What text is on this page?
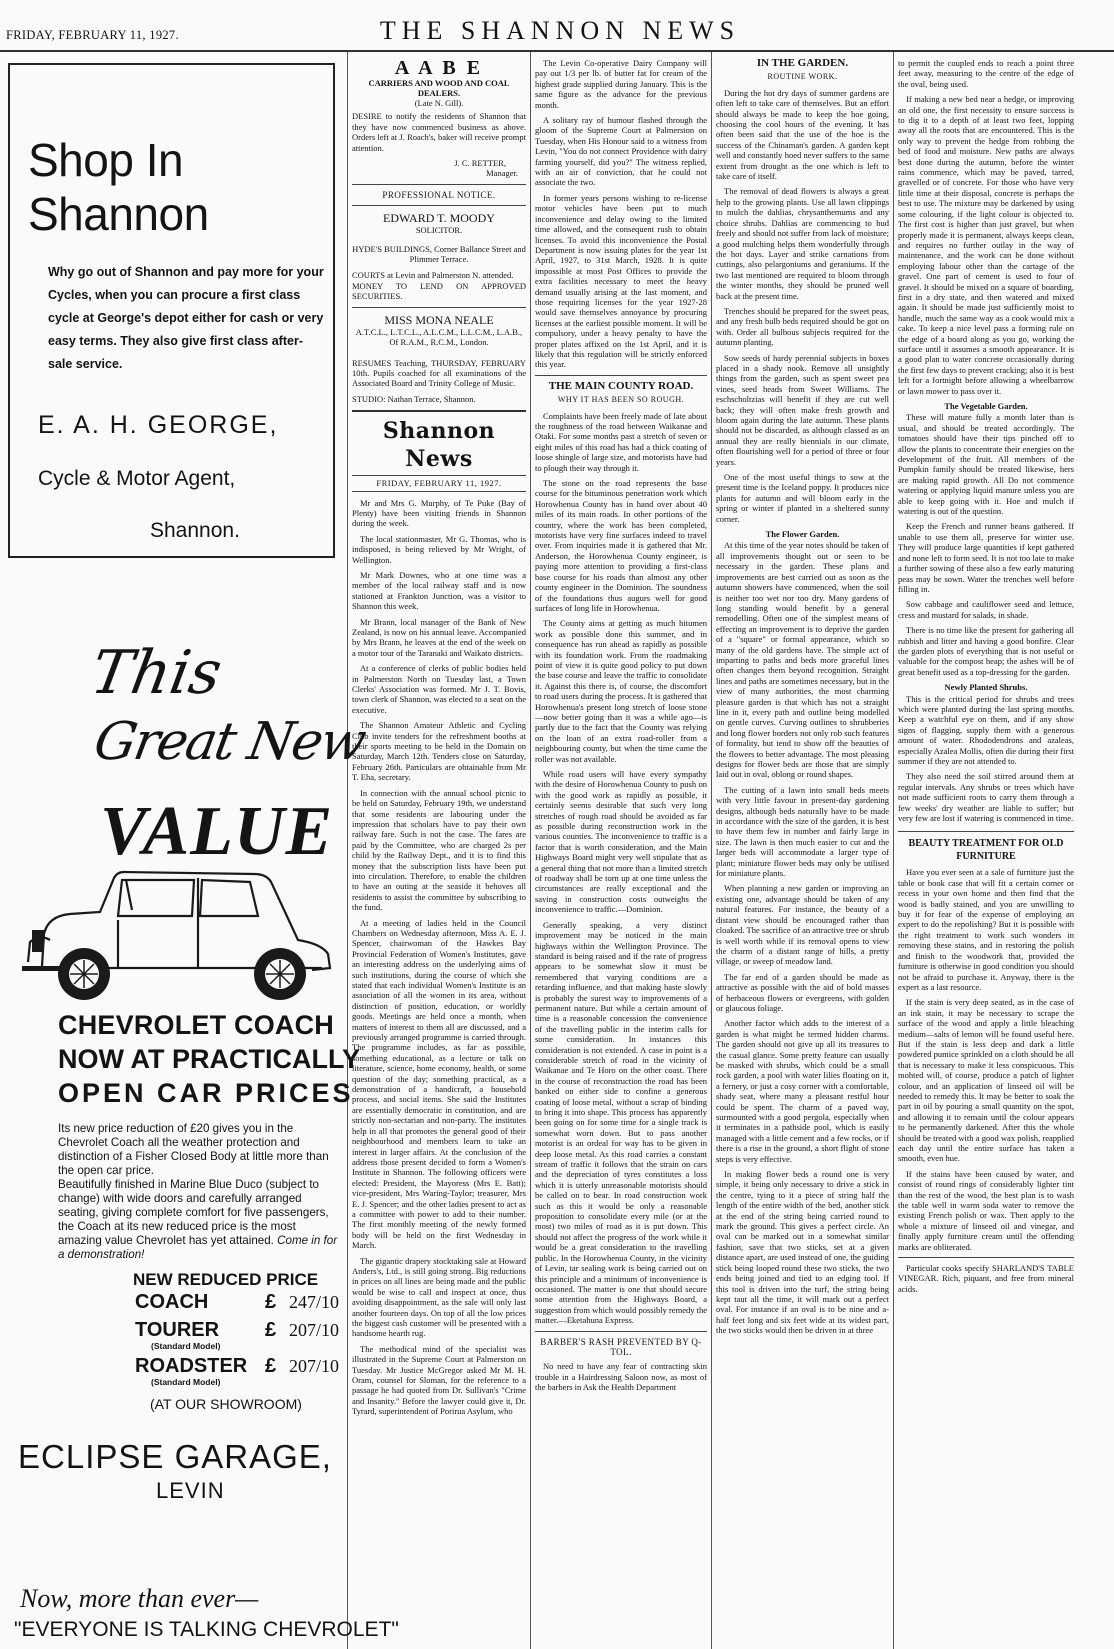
FRIDAY, FEBRUARY 11, 1927.	THE SHANNON NEWS
Shop In Shannon
Why go out of Shannon and pay more for your Cycles, when you can procure a first class cycle at George's depot either for cash or very easy terms. They also give first class after-sale service.
E. A. H. GEORGE,
Cycle & Motor Agent,
Shannon.
This
Great New
VALUE
CHEVROLET COACH
NOW AT PRACTICALLY
OPEN CAR PRICES
Its new price reduction of £20 gives you in the Chevrolet Coach all the weather protection and distinction of a Fisher Closed Body at little more than the open car price.
Beautifully finished in Marine Blue Duco (subject to change) with wide doors and carefully arranged seating, giving complete comfort for five passengers, the Coach at its new reduced price is the most amazing value Chevrolet has yet attained. Come in for a demonstration!
NEW REDUCED PRICE
COACH	£ 247/10
TOURER £ 207/10
(Standard Model)
ROADSTER £ 207/10
(Standard Model)
(AT OUR SHOWROOM)
ECLIPSE GARAGE,
LEVIN
Now, more than ever—
"EVERYONE IS TALKING CHEVROLET"
A A B E
CARRIERS AND WOOD AND COAL DEALERS.
(Late N. Gill).

DESIRE to notify the residents of Shannon that they have now commenced business as above. Orders left at J. Roach's, baker will receive prompt attention.

J. C. RETTER,
Manager.
PROFESSIONAL NOTICE.
EDWARD T. MOODY
SOLICITOR.
HYDE'S BUILDINGS, Corner Ballance Street and Plimmer Terrace.
COURTS at Levin and Palmerston N. attended.
MONEY TO LEND ON APPROVED SECURITIES.
MISS MONA NEALE
A.T.C.L., L.T.C.L., A.L.C.M., L.L.C.M., L.A.B.,
Of R.A.M., R.C.M., London.

RESUMES Teaching, THURSDAY, FEBRUARY 10th. Pupils coached for all examinations of the Associated Board and Trinity College of Music.

STUDIO: Nathan Terrace, Shannon.
Shannon News
FRIDAY, FEBRUARY 11, 1927.

Mr and Mrs G. Murphy, of Te Puke (Bay of Plenty) have been visiting friends in Shannon during the week.

The local stationmaster, Mr G. Thomas, who is indisposed, is being relieved by Mr Wright, of Wellington.

Mr Mark Downes, who at one time was a member of the local railway staff and is now stationed at Frankton Junction, was a visitor to Shannon this week.

Mr Brann, local manager of the Bank of New Zealand, is now on his annual leave. Accompanied by Mrs Brann, he leaves at the end of the week on a motor tour of the Taranaki and Waikato districts.

At a conference of clerks of public bodies held in Palmerston North on Tuesday last, a Town Clerks' Association was formed. Mr J. T. Bovis, town clerk of Shannon, was elected to a seat on the executive.

The Shannon Amateur Athletic and Cycling Club invite tenders for the refreshment booths at their sports meeting to be held in the Domain on Saturday, March 12th. Tenders close on Saturday, February 26th. Particulars are obtainable from Mr T. Eha, secretary.

In connection with the annual school picnic to be held on Saturday, February 19th, we understand that some residents are labouring under the impression that scholars have to pay their own railway fare. Such is not the case. The fares are paid by the Committee, who are charged 2s per child by the Railway Dept., and it is to find this money that the subscription lists have been put into circulation. Therefore, to enable the children to have an outing at the seaside it behoves all residents to assist the committee by subscribing to the fund.

At a meeting of ladies held in the Council Chambers on Wednesday afternoon, Miss A. E. J. Spencer, chairwoman of the Hawkes Bay Provincial Federation of Women's Institutes, gave an interesting address on the underlying aims of such institutions, during the course of which she stated that each individual Women's Institute is an association of all the women in its area, without distinction of position, education, or worldly goods. Meetings are held once a month, when matters of interest to them all are discussed, and a previously arranged programme is carried through. The programme includes, as far as possible, something educational, as a lecture or talk on literature, science, home economy, health, or some question of the day; something practical, as a demonstration of a handicraft, a household process, and social items. She said the Institutes are essentially democratic in constitution, and are strictly non-sectarian and non-party. The institutes help in all that promotes the general good of their neighbourhood and members learn to take an interest in larger affairs. At the conclusion of the address those present decided to form a Women's Institute in Shannon. The following officers were elected: President, the Mayoress (Mrs E. Batt); vice-president, Mrs Waring-Taylor; treasurer, Mrs E. J. Spencer; and the other ladies present to act as a committee with power to add to their number. The first monthly meeting of the newly formed body will be held on the first Wednesday in March.

The gigantic drapery stocktaking sale at Howard Anders's, Ltd., is still going strong. Big reductions in prices on all lines are being made and the public would be wise to call and inspect at once, thus avoiding disappointment, as the sale will only last another fourteen days. On top of all the low prices the biggest cash customer will be presented with a handsome hearth rug.

The methodical mind of the specialist was illustrated in the Supreme Court at Palmerston on Tuesday. Mr Justice McGregor asked Mr M. H. Oram, counsel for Sloman, for the reference to a passage he had quoted from Dr. Sullivan's "Crime and Insanity." Before the lawyer could give it, Dr. Tyrard, superintendent of Porirua Asylum, who

The Levin Co-operative Dairy Company will pay out 1/3 per lb. of butter fat for cream of the highest grade supplied during January. This is the same figure as the advance for the previous month.

A solitary ray of humour flashed through the gloom of the Supreme Court at Palmerston on Tuesday, when His Honour said to a witness from Levin, "You do not connect Providence with dairy farming yourself, did you?" The witness replied, with an air of conviction, that he could not associate the two.

In former years persons wishing to re-license motor vehicles have been put to much inconvenience and delay owing to the limited time allowed, and the consequent rush to obtain licenses. To avoid this inconvenience the Postal Department is now issuing plates for the year 1st April, 1927, to 31st March, 1928. It is quite impossible at most Post Offices to provide the extra facilities necessary to meet the heavy demand usually arising at the last moment, and those requiring licenses for the year 1927-28 would save themselves annoyance by procuring licenses at the earliest possible moment. It will be compulsory, under a heavy penalty to have the proper plates affixed on the 1st April, and it is likely that this regulation will be strictly enforced this year.

THE MAIN COUNTY ROAD.
WHY IT HAS BEEN SO ROUGH.

Complaints have been freely made of late about the roughness of the road between Waikanae and Otaki. For some months past a stretch of seven or eight miles of this road has had a thick coating of loose shingle of large size, and motorists have had to plough their way through it.

The stone on the road represents the base course for the bituminous penetration work which Horowhenua County has in hand over about 40 miles of its main roads. In other portions of the country, where the work has been completed, motorists have very fine surfaces indeed to travel over. From inquiries made it is gathered that Mr. Anderson, the Horowhenua County engineer, is paying more attention to providing a first-class base course for his roads than almost any other county engineer in the Dominion. The soundness of the foundations thus augurs well for good surfaces of long life in Horowhenua.

The County aims at getting as much bitumen work as possible done this summer, and in consequence has run ahead as rapidly as possible with its foundation work. From the roadmaking point of view it is quite good policy to put down the base course and leave the traffic to consolidate it. Against this there is, of course, the discomfort to road users during the process. It is gathered that Horowhenua's present long stretch of loose stone—now better going than it was a while ago—is partly due to the fact that the County was relying on the loan of an extra road-roller from a neighbouring county, but when the time came the roller was not available.

While road users will have every sympathy with the desire of Horowhenua County to push on with the good work as rapidly as possible, it certainly seems desirable that such very long stretches of rough road should be avoided as far as possible during reconstruction work in the various counties. The inconvenience to traffic is a factor that is worth consideration, and the Main Highways Board might very well stipulate that as a general thing that not more than a limited stretch of roadway shall be torn up at one time unless the circumstances are really exceptional and the saving in construction costs outweighs the inconvenience to traffic.—Dominion.

Generally speaking, a very distinct improvement may be noticed in the main highways within the Wellington Province. The standard is being raised and if the rate of progress appears to be somewhat slow it must be remembered that varying conditions are a retarding influence, and that making haste slowly is probably the surest way to improvements of a permanent nature. But while a certain amount of time is a reasonable concession the convenience of the travelling public in the interim calls for some consideration. In instances this consideration is not extended. A case in point is a considerable stretch of road in the vicinity of Waikanae and Te Horo on the other coast. There in the course of reconstruction the road has been banked on either side to confine a generous coating of loose metal, without a scrap of binding to bring it into shape. This process has apparently been going on for some time for a single track is somewhat worn down. But to pass another motorist is an ordeal for way has to be given in deep loose metal. As this road carries a constant stream of traffic it follows that the strain on cars and the depreciation of tyres constitutes a loss which it is utterly unreasonable motorists should be called on to bear. In road construction work such as this it would be only a reasonable proposition to consolidate every mile (or at the most) two miles of road as it is put down. This should not affect the progress of the work while it would be a great consideration to the travelling public. In the Horowhenua County, in the vicinity of Levin, tar sealing work is being carried out on this principle and a minimum of inconvenience is occasioned. The matter is one that should secure some attention from the Highways Board, a suggestion from which would possibly remedy the matter.—Eketahuna Express.

BARBER'S RASH PREVENTED BY Q-TOL.

No need to have any fear of contracting skin trouble in a Hairdressing Saloon now, as most of the barbers in Ask the Health Department

IN THE GARDEN.
ROUTINE WORK.

During the hot dry days of summer gardens are often left to take care of themselves. But an effort should always be made to keep the hoe going, choosing the cool hours of the evening. It has often been said that the use of the hoe is the success of the Chinaman's garden. A garden kept well and constantly hoed never suffers to the same extent from drought as the one which is left to take care of itself.

The removal of dead flowers is always a great help to the growing plants. Use all lawn clippings to mulch the dahlias, chrysanthemums and any choice shrubs. Dahlias are commencing to bud freely and should not suffer from lack of moisture; a good mulching helps them wonderfully through the hot days. Layer and strike carnations from cuttings, also pelargoniums and geraniums. If the two last mentioned are required to bloom through the winter months, they should be pruned well back at the present time.

Trenches should be prepared for the sweet peas, and any fresh bulb beds required should be got on with. Order all bulbous subjects required for the autumn planting.

Sow seeds of hardy perennial subjects in boxes placed in a shady nook. Remove all unsightly things from the garden, such as spent sweet pea vines, seed heads from Sweet Williams. The eschscholtzias will benefit if they are cut well back; they will often make fresh growth and bloom again during the late autumn. These plants should not be discarded, as although classed as an annual they are really biennials in our climate, often flourishing well for a period of three or four years.

One of the most useful things to sow at the present time is the Iceland poppy. It produces nice plants for autumn and will bloom early in the spring or winter if planted in a sheltered sunny corner.

The Flower Garden.

At this time of the year notes should be taken of all improvements thought out or seen to be necessary in the garden. These plans and improvements are best carried out as soon as the autumn showers have commenced, when the soil is neither too wet nor too dry. Many gardens of long standing would benefit by a general remodelling. Often one of the simplest means of effecting an improvement is to deprive the garden of a "square" or formal appearance, which so many of the old gardens have. The simple act of imparting to paths and beds more graceful lines often changes them beyond recognition. Straight lines and paths are sometimes necessary, but in the view of many authorities, the most charming pleasure garden is that which has not a straight line in it, every path and outline being modelled on gentle curves. Curving outlines to shrubberies and long flower borders not only rob such features of formality, but tend to show off the beauties of the flowers to better advantage. The most pleasing designs for flower beds are those that are simply laid out in oval, oblong or round shapes.

The cutting of a lawn into small beds meets with very little favour in present-day gardening designs, although beds naturally have to be made in accordance with the size of the garden, it is best to have them few in number and fairly large in size. The lawn is then much easier to cut and the larger beds will accommodate a larger type of plant; miniature flower beds may only be utilised for miniature plants.

When planning a new garden or improving an existing one, advantage should be taken of any natural features. For instance, the beauty of a distant view should be encouraged rather than cloaked. The sacrifice of an attractive tree or shrub is well worth while if its removal opens to view the charm of a distant range of hills, a pretty village, or sweep of meadow land.

The far end of a garden should be made as attractive as possible with the aid of bold masses of herbaceous flowers or evergreens, with golden or glaucous foliage.

Another factor which adds to the interest of a garden is what might be termed hidden charms. The garden should not give up all its treasures to the casual glance. Some pretty feature can usually be masked with shrubs, which could be a small rock garden, a pool with water lilies floating on it, a fernery, or just a cosy corner with a comfortable, shady seat, where many a pleasant restful hour could be spent. The charm of a paved way, surmounted with a good pergola, especially when it terminates in a pathside pool, which is easily managed with a little cement and a few rocks, or if there is a rise in the ground, a short flight of stone steps is very effective.

In making flower beds a round one is very simple, it being only necessary to drive a stick in the centre, tying to it a piece of string half the length of the entire width of the bed, another stick at the end of the string being carried round to mark the ground. This gives a perfect circle. An oval can be marked out in a somewhat similar fashion, save that two sticks, set at a given distance apart, are used instead of one, the guiding stick being looped round these two sticks, the two ends being joined and tied to an edging tool. If this tool is driven into the turf, the string being kept taut all the time, it will mark out a perfect oval. For instance if an oval is to be nine and a-half feet long and six feet wide at its widest part, the two sticks would then be driven in at three

to permit the coupled ends to reach a point three feet away, measuring to the centre of the edge of the oval, being used.

If making a new bed near a hedge, or improving an old one, the first necessity to ensure success is to dig it to a depth of at least two feet, lopping away all the roots that are encountered. This is the only way to prevent the hedge from robbing the bed of food and moisture. New paths are always best done during the autumn, before the winter rains commence, which may be paved, tarred, gravelled or of concrete. For those who have very little time at their disposal, concrete is perhaps the best to use. The mixture may be darkened by using some colouring, if the light colour is objected to. The first cost is higher than just gravel, but when properly made it is permanent, always keeps clean, and requires no further outlay in the way of maintenance, and the work can be done without employing labour other than the cartage of the gravel. One part of cement is used to four of gravel. It should be mixed on a square of boarding, first in a dry state, and then watered and mixed again. It should be made just sufficiently moist to handle, much the same way as a cook would mix a cake. To keep a nice level pass a forming rule on the edge of a board along as you go, working the surface until it assumes a smooth appearance. It is a good plan to water concrete occasionally during the first few days to prevent cracking; also it is best left for a fortnight before allowing a wheelbarrow or lawn mower to pass over it.

The Vegetable Garden.

These will mature fully a month later than is usual, and should be treated accordingly. The tomatoes should have their tips pinched off to allow the plants to concentrate their energies on the development of the fruit. All members of the Pumpkin family should be treated likewise, hers are making rapid growth. All Do not commence watering or applying liquid manure unless you are able to keep going with it. Hoe and mulch if watering is out of the question.

Keep the French and runner beans gathered. If unable to use them all, preserve for winter use. They will produce large quantities if kept gathered and none left to form seed. It is not too late to make a further sowing of these also a few early maturing peas may be sown. Water the trenches well before filling in.

Sow cabbage and cauliflower seed and lettuce, cress and mustard for salads, in shade.

There is no time like the present for gathering all rubbish and litter and having a good bonfire. Clear the garden plots of everything that is not useful or valuable for the compost heap; the ashes will be of great benefit used as a top-dressing for the garden.

Newly Planted Shrubs.

This is the critical period for shrubs and trees which were planted during the last spring months. Keep a watchful eye on them, and if any show signs of flagging, supply them with a generous amount of water. Rhododendrons and azaleas, especially Azalea Mollis, often die during their first summer if they are not attended to.

They also need the soil stirred around them at regular intervals. Any shrubs or trees which have not made sufficient roots to carry them through a few weeks' dry weather are liable to suffer; but very few are lost if watering is commenced in time.

BEAUTY TREATMENT FOR OLD FURNITURE

Have you ever seen at a sale of furniture just the table or book case that will fit a certain corner or recess in your own home and then find that the wood is badly stained, and you are unwilling to buy it for fear of the expense of employing an expert to do the repolishing? But it is possible with the right treatment to work such wonders in removing these stains, and in restoring the polish and finish to the woodwork that, provided the furniture is otherwise in good condition you should not be afraid to purchase it. Anyway, there is the expert as a last resource.

If the stain is very deep seated, as in the case of an ink stain, it may be necessary to scrape the surface of the wood and apply a little bleaching medium—salts of lemon will be found useful here. But if the stain is less deep and dark a little powdered pumice sprinkled on a cloth should be all that is necessary to make it less conspicuous. This mohted will, of course, produce a patch of lighter colour, and an application of linseed oil will be needed to remedy this. It may be better to soak the part in oil by pouring a small quantity on the spot, and allowing it to remain until the colour appears to be permanently darkened. After this the whole should be treated with a good wax polish, reapplied each day until the entire surface has taken a smooth, even hue.

If the stains have been caused by water, and consist of round rings of considerably lighter tint than the rest of the wood, the best plan is to wash the table well in warm soda water to remove the existing French polish or wax. Then apply to the whole a mixture of linseed oil and vinegar, and finally apply furniture cream until the offending marks are obliterated.

Particular cooks specify SHARLAND'S TABLE VINEGAR. Rich, piquant, and free from mineral acids.
